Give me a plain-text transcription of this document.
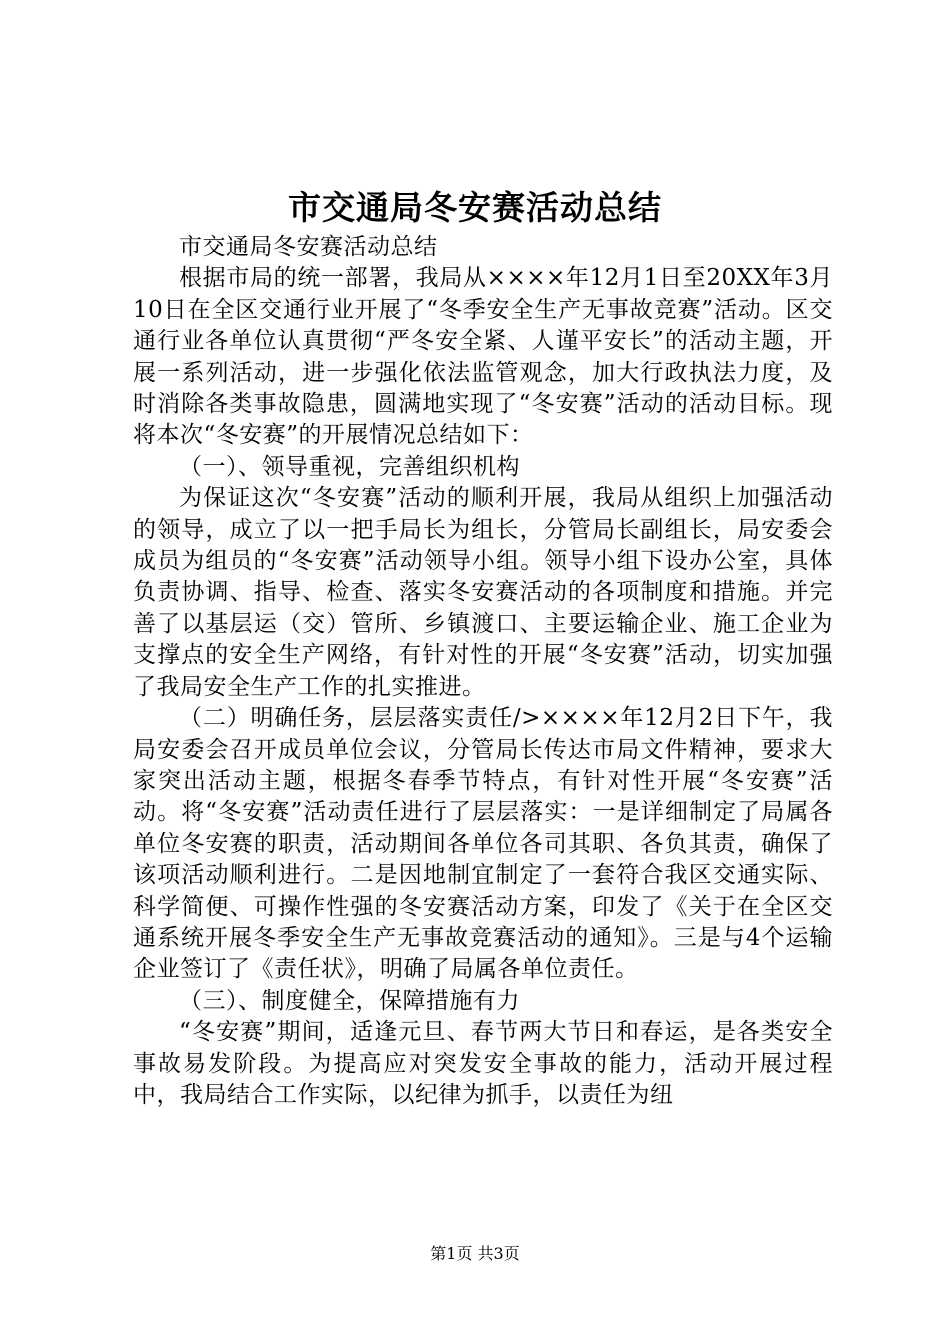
市交通局冬安赛活动总结

市交通局冬安赛活动总结

根据市局的统一部署，我局从××××年12月1日至20XX年3月10日在全区交通行业开展了“冬季安全生产无事故竞赛”活动。区交通行业各单位认真贯彻“严冬安全紧、人谨平安长”的活动主题，开展一系列活动，进一步强化依法监管观念，加大行政执法力度，及时消除各类事故隐患，圆满地实现了“冬安赛”活动的活动目标。现将本次“冬安赛”的开展情况总结如下：

（一）、领导重视，完善组织机构

为保证这次“冬安赛”活动的顺利开展，我局从组织上加强活动的领导，成立了以一把手局长为组长，分管局长副组长，局安委会成员为组员的“冬安赛”活动领导小组。领导小组下设办公室，具体负责协调、指导、检查、落实冬安赛活动的各项制度和措施。并完善了以基层运（交）管所、乡镇渡口、主要运输企业、施工企业为支撑点的安全生产网络，有针对性的开展“冬安赛”活动，切实加强了我局安全生产工作的扎实推进。

（二）明确任务，层层落实责任/>××××年12月2日下午，我局安委会召开成员单位会议，分管局长传达市局文件精神，要求大家突出活动主题，根据冬春季节特点，有针对性开展“冬安赛”活动。将“冬安赛”活动责任进行了层层落实：一是详细制定了局属各单位冬安赛的职责，活动期间各单位各司其职、各负其责，确保了该项活动顺利进行。二是因地制宜制定了一套符合我区交通实际、科学简便、可操作性强的冬安赛活动方案，印发了《关于在全区交通系统开展冬季安全生产无事故竞赛活动的通知》。三是与4个运输企业签订了《责任状》，明确了局属各单位责任。

（三）、制度健全，保障措施有力

“冬安赛”期间，适逢元旦、春节两大节日和春运，是各类安全事故易发阶段。为提高应对突发安全事故的能力，活动开展过程中，我局结合工作实际，以纪律为抓手，以责任为纽

第1页 共3页
